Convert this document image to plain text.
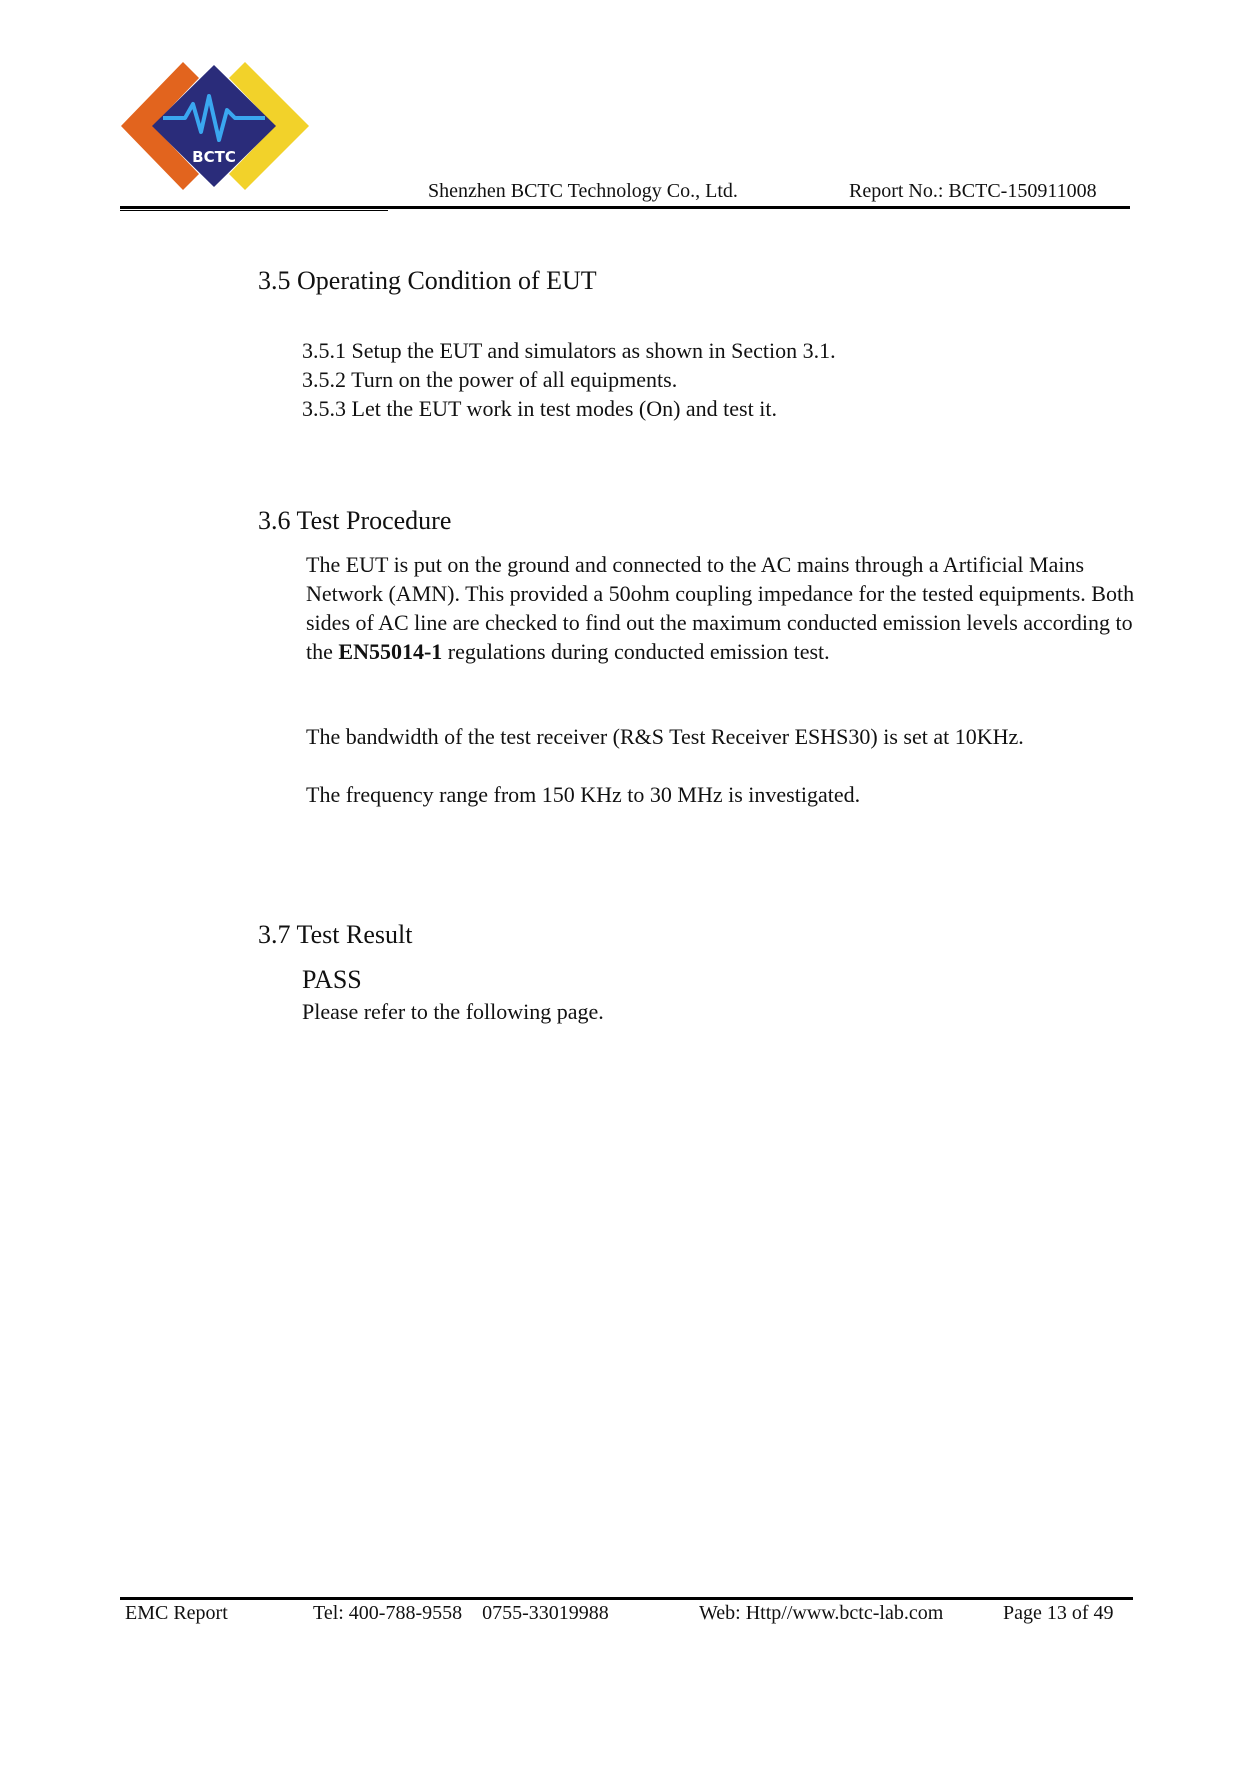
BCTC
Shenzhen BCTC Technology Co., Ltd.	Report No.: BCTC-150911008
3.5 Operating Condition of EUT
3.5.1 Setup the EUT and simulators as shown in Section 3.1.
3.5.2 Turn on the power of all equipments.
3.5.3 Let the EUT work in test modes (On) and test it.
3.6 Test Procedure
The EUT is put on the ground and connected to the AC mains through a Artificial Mains Network (AMN). This provided a 50ohm coupling impedance for the tested equipments. Both sides of AC line are checked to find out the maximum conducted emission levels according to the EN55014-1 regulations during conducted emission test.
The bandwidth of the test receiver (R&S Test Receiver ESHS30) is set at 10KHz.
The frequency range from 150 KHz to 30 MHz is investigated.
3.7 Test Result
PASS
Please refer to the following page.
EMC Report	Tel: 400-788-9558    0755-33019988	Web: Http//www.bctc-lab.com	Page 13 of 49
